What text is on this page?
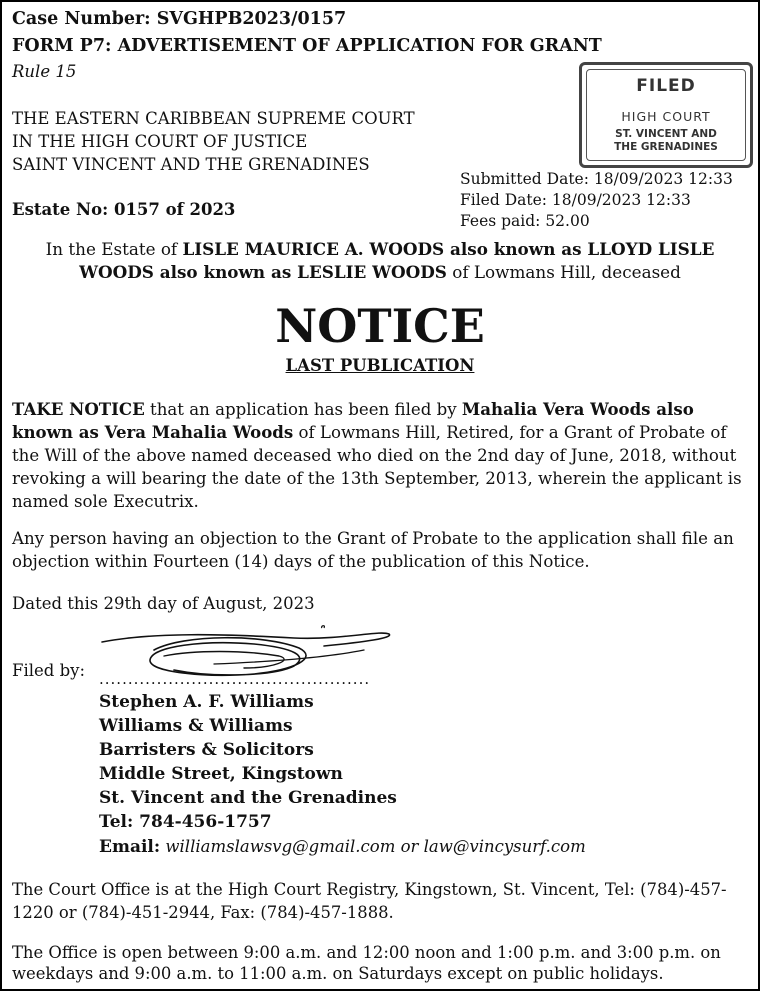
Case Number: SVGHPB2023/0157
FORM P7: ADVERTISEMENT OF APPLICATION FOR GRANT
Rule 15
THE EASTERN CARIBBEAN SUPREME COURT
IN THE HIGH COURT OF JUSTICE
SAINT VINCENT AND THE GRENADINES
FILED
HIGH COURT
ST. VINCENT AND
THE GRENADINES
Submitted Date: 18/09/2023 12:33
Filed Date: 18/09/2023 12:33
Fees paid: 52.00
Estate No: 0157 of 2023
In the Estate of LISLE MAURICE A. WOODS also known as LLOYD LISLE
WOODS also known as LESLIE WOODS of Lowmans Hill, deceased
NOTICE
LAST PUBLICATION
TAKE NOTICE that an application has been filed by Mahalia Vera Woods also known as Vera Mahalia Woods of Lowmans Hill, Retired, for a Grant of Probate of the Will of the above named deceased who died on the 2nd day of June, 2018, without revoking a will bearing the date of the 13th September, 2013, wherein the applicant is named sole Executrix.
Any person having an objection to the Grant of Probate to the application shall file an objection within Fourteen (14) days of the publication of this Notice.
Dated this 29th day of August, 2023
Filed by: ...............................................
Stephen A. F. Williams
Williams & Williams
Barristers & Solicitors
Middle Street, Kingstown
St. Vincent and the Grenadines
Tel: 784-456-1757
Email: williamslawsvg@gmail.com or law@vincysurf.com
The Court Office is at the High Court Registry, Kingstown, St. Vincent, Tel: (784)-457-1220 or (784)-451-2944, Fax: (784)-457-1888.
The Office is open between 9:00 a.m. and 12:00 noon and 1:00 p.m. and 3:00 p.m. on weekdays and 9:00 a.m. to 11:00 a.m. on Saturdays except on public holidays.
